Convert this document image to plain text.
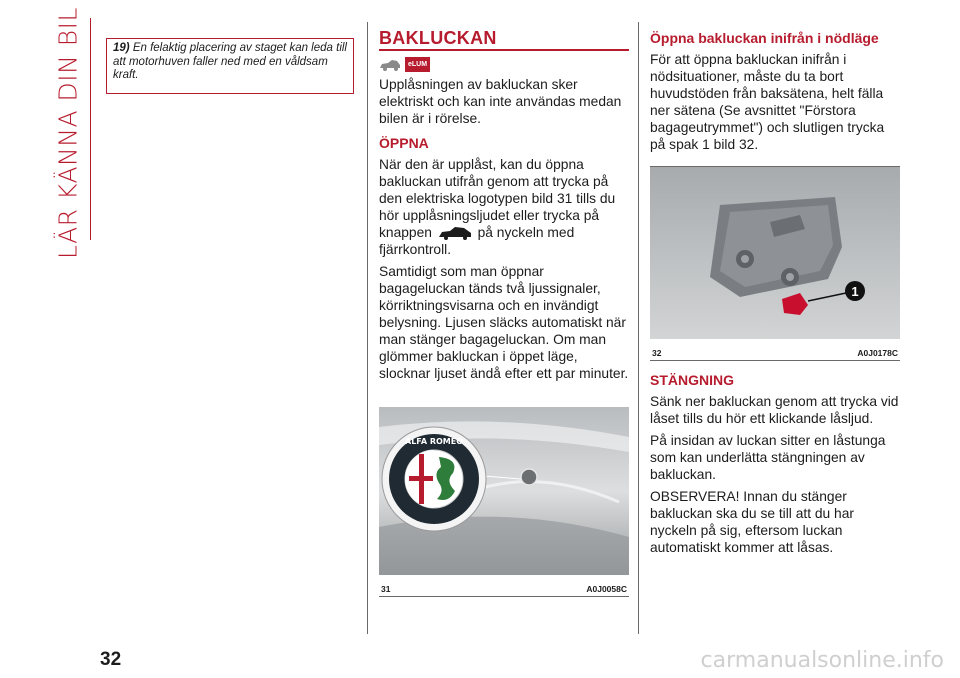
LÄR KÄNNA DIN BIL
32
19) En felaktig placering av staget kan leda till att motorhuven faller ned med en våldsam kraft.
BAKLUCKAN
eLUM

Upplåsningen av bakluckan sker elektriskt och kan inte användas medan bilen är i rörelse.

ÖPPNA

När den är upplåst, kan du öppna bakluckan utifrån genom att trycka på den elektriska logotypen bild 31 tills du hör upplåsningsljudet eller trycka på knappen	på nyckeln med fjärrkontroll.

Samtidigt som man öppnar bagageluckan tänds två ljussignaler, körriktningsvisarna och en invändigt belysning. Ljusen släcks automatiskt när man stänger bagageluckan. Om man glömmer bakluckan i öppet läge, slocknar ljuset ändå efter ett par minuter.

ALFA ROMEO
31	A0J0058C
Öppna bakluckan inifrån i nödläge

För att öppna bakluckan inifrån i nödsituationer, måste du ta bort huvudstöden från baksätena, helt fälla ner sätena (Se avsnittet "Förstora bagageutrymmet") och slutligen trycka på spak 1 bild 32.

1
32	A0J0178C
STÄNGNING

Sänk ner bakluckan genom att trycka vid låset tills du hör ett klickande låsljud.

På insidan av luckan sitter en låstunga som kan underlätta stängningen av bakluckan.

OBSERVERA! Innan du stänger bakluckan ska du se till att du har nyckeln på sig, eftersom luckan automatiskt kommer att låsas.

carmanualsonline.info
